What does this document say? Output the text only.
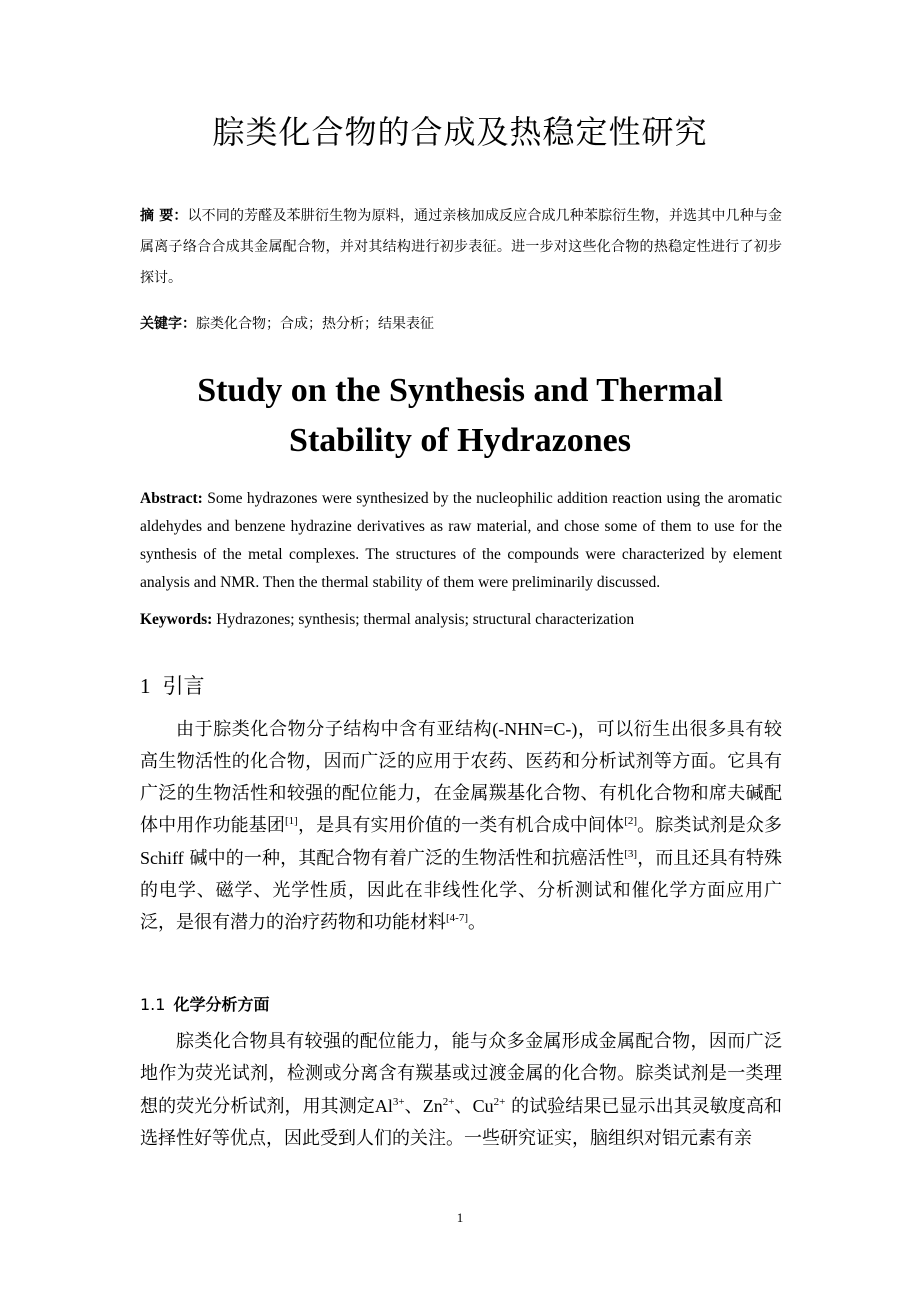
腙类化合物的合成及热稳定性研究
摘 要：以不同的芳醛及苯肼衍生物为原料，通过亲核加成反应合成几种苯腙衍生物，并选其中几种与金属离子络合合成其金属配合物，并对其结构进行初步表征。进一步对这些化合物的热稳定性进行了初步探讨。
关键字：腙类化合物；合成；热分析；结果表征
Study on the Synthesis and Thermal
Stability of Hydrazones
Abstract: Some hydrazones were synthesized by the nucleophilic addition reaction using the aromatic aldehydes and benzene hydrazine derivatives as raw material, and chose some of them to use for the synthesis of the metal complexes. The structures of the compounds were characterized by element analysis and NMR. Then the thermal stability of them were preliminarily discussed.
Keywords: Hydrazones; synthesis; thermal analysis; structural characterization
1 引言
由于腙类化合物分子结构中含有亚结构(-NHN=C-)，可以衍生出很多具有较高生物活性的化合物，因而广泛的应用于农药、医药和分析试剂等方面。它具有广泛的生物活性和较强的配位能力，在金属羰基化合物、有机化合物和席夫碱配体中用作功能基团[1]，是具有实用价值的一类有机合成中间体[2]。腙类试剂是众多Schiff 碱中的一种，其配合物有着广泛的生物活性和抗癌活性[3]，而且还具有特殊的电学、磁学、光学性质，因此在非线性化学、分析测试和催化学方面应用广泛，是很有潜力的治疗药物和功能材料[4-7]。
1.1 化学分析方面
腙类化合物具有较强的配位能力，能与众多金属形成金属配合物，因而广泛地作为荧光试剂，检测或分离含有羰基或过渡金属的化合物。腙类试剂是一类理想的荧光分析试剂，用其测定$Al^{3+}$、$Zn^{2+}$、$Cu^{2+}$ 的试验结果已显示出其灵敏度高和选择性好等优点，因此受到人们的关注。一些研究证实，脑组织对铝元素有亲
1
